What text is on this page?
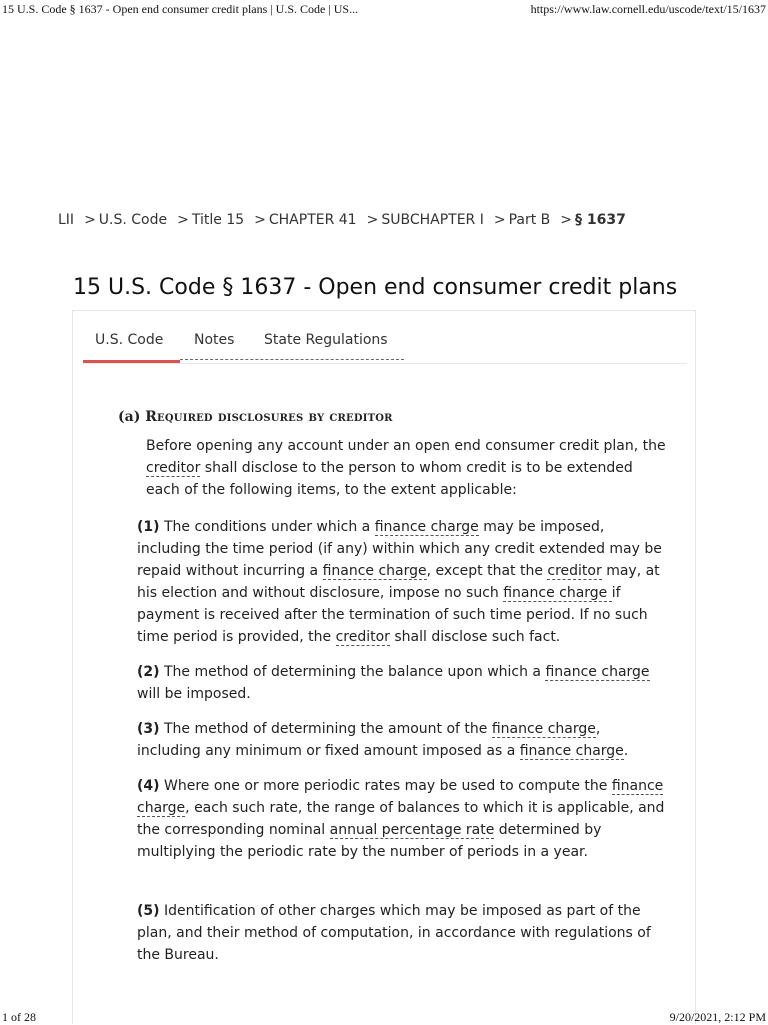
15 U.S. Code § 1637 - Open end consumer credit plans | U.S. Code | US...	https://www.law.cornell.edu/uscode/text/15/1637
LII > U.S. Code > Title 15 > CHAPTER 41 > SUBCHAPTER I > Part B > § 1637
15 U.S. Code § 1637 - Open end consumer credit plans
U.S. Code Notes State Regulations
(a) Required disclosures by creditor

Before opening any account under an open end consumer credit plan, the creditor shall disclose to the person to whom credit is to be extended each of the following items, to the extent applicable:

(1) The conditions under which a finance charge may be imposed, including the time period (if any) within which any credit extended may be repaid without incurring a finance charge, except that the creditor may, at his election and without disclosure, impose no such finance charge if payment is received after the termination of such time period. If no such time period is provided, the creditor shall disclose such fact.

(2) The method of determining the balance upon which a finance charge will be imposed.

(3) The method of determining the amount of the finance charge, including any minimum or fixed amount imposed as a finance charge.

(4) Where one or more periodic rates may be used to compute the finance charge, each such rate, the range of balances to which it is applicable, and the corresponding nominal annual percentage rate determined by multiplying the periodic rate by the number of periods in a year.

(5) Identification of other charges which may be imposed as part of the plan, and their method of computation, in accordance with regulations of the Bureau.

1 of 28	9/20/2021, 2:12 PM
